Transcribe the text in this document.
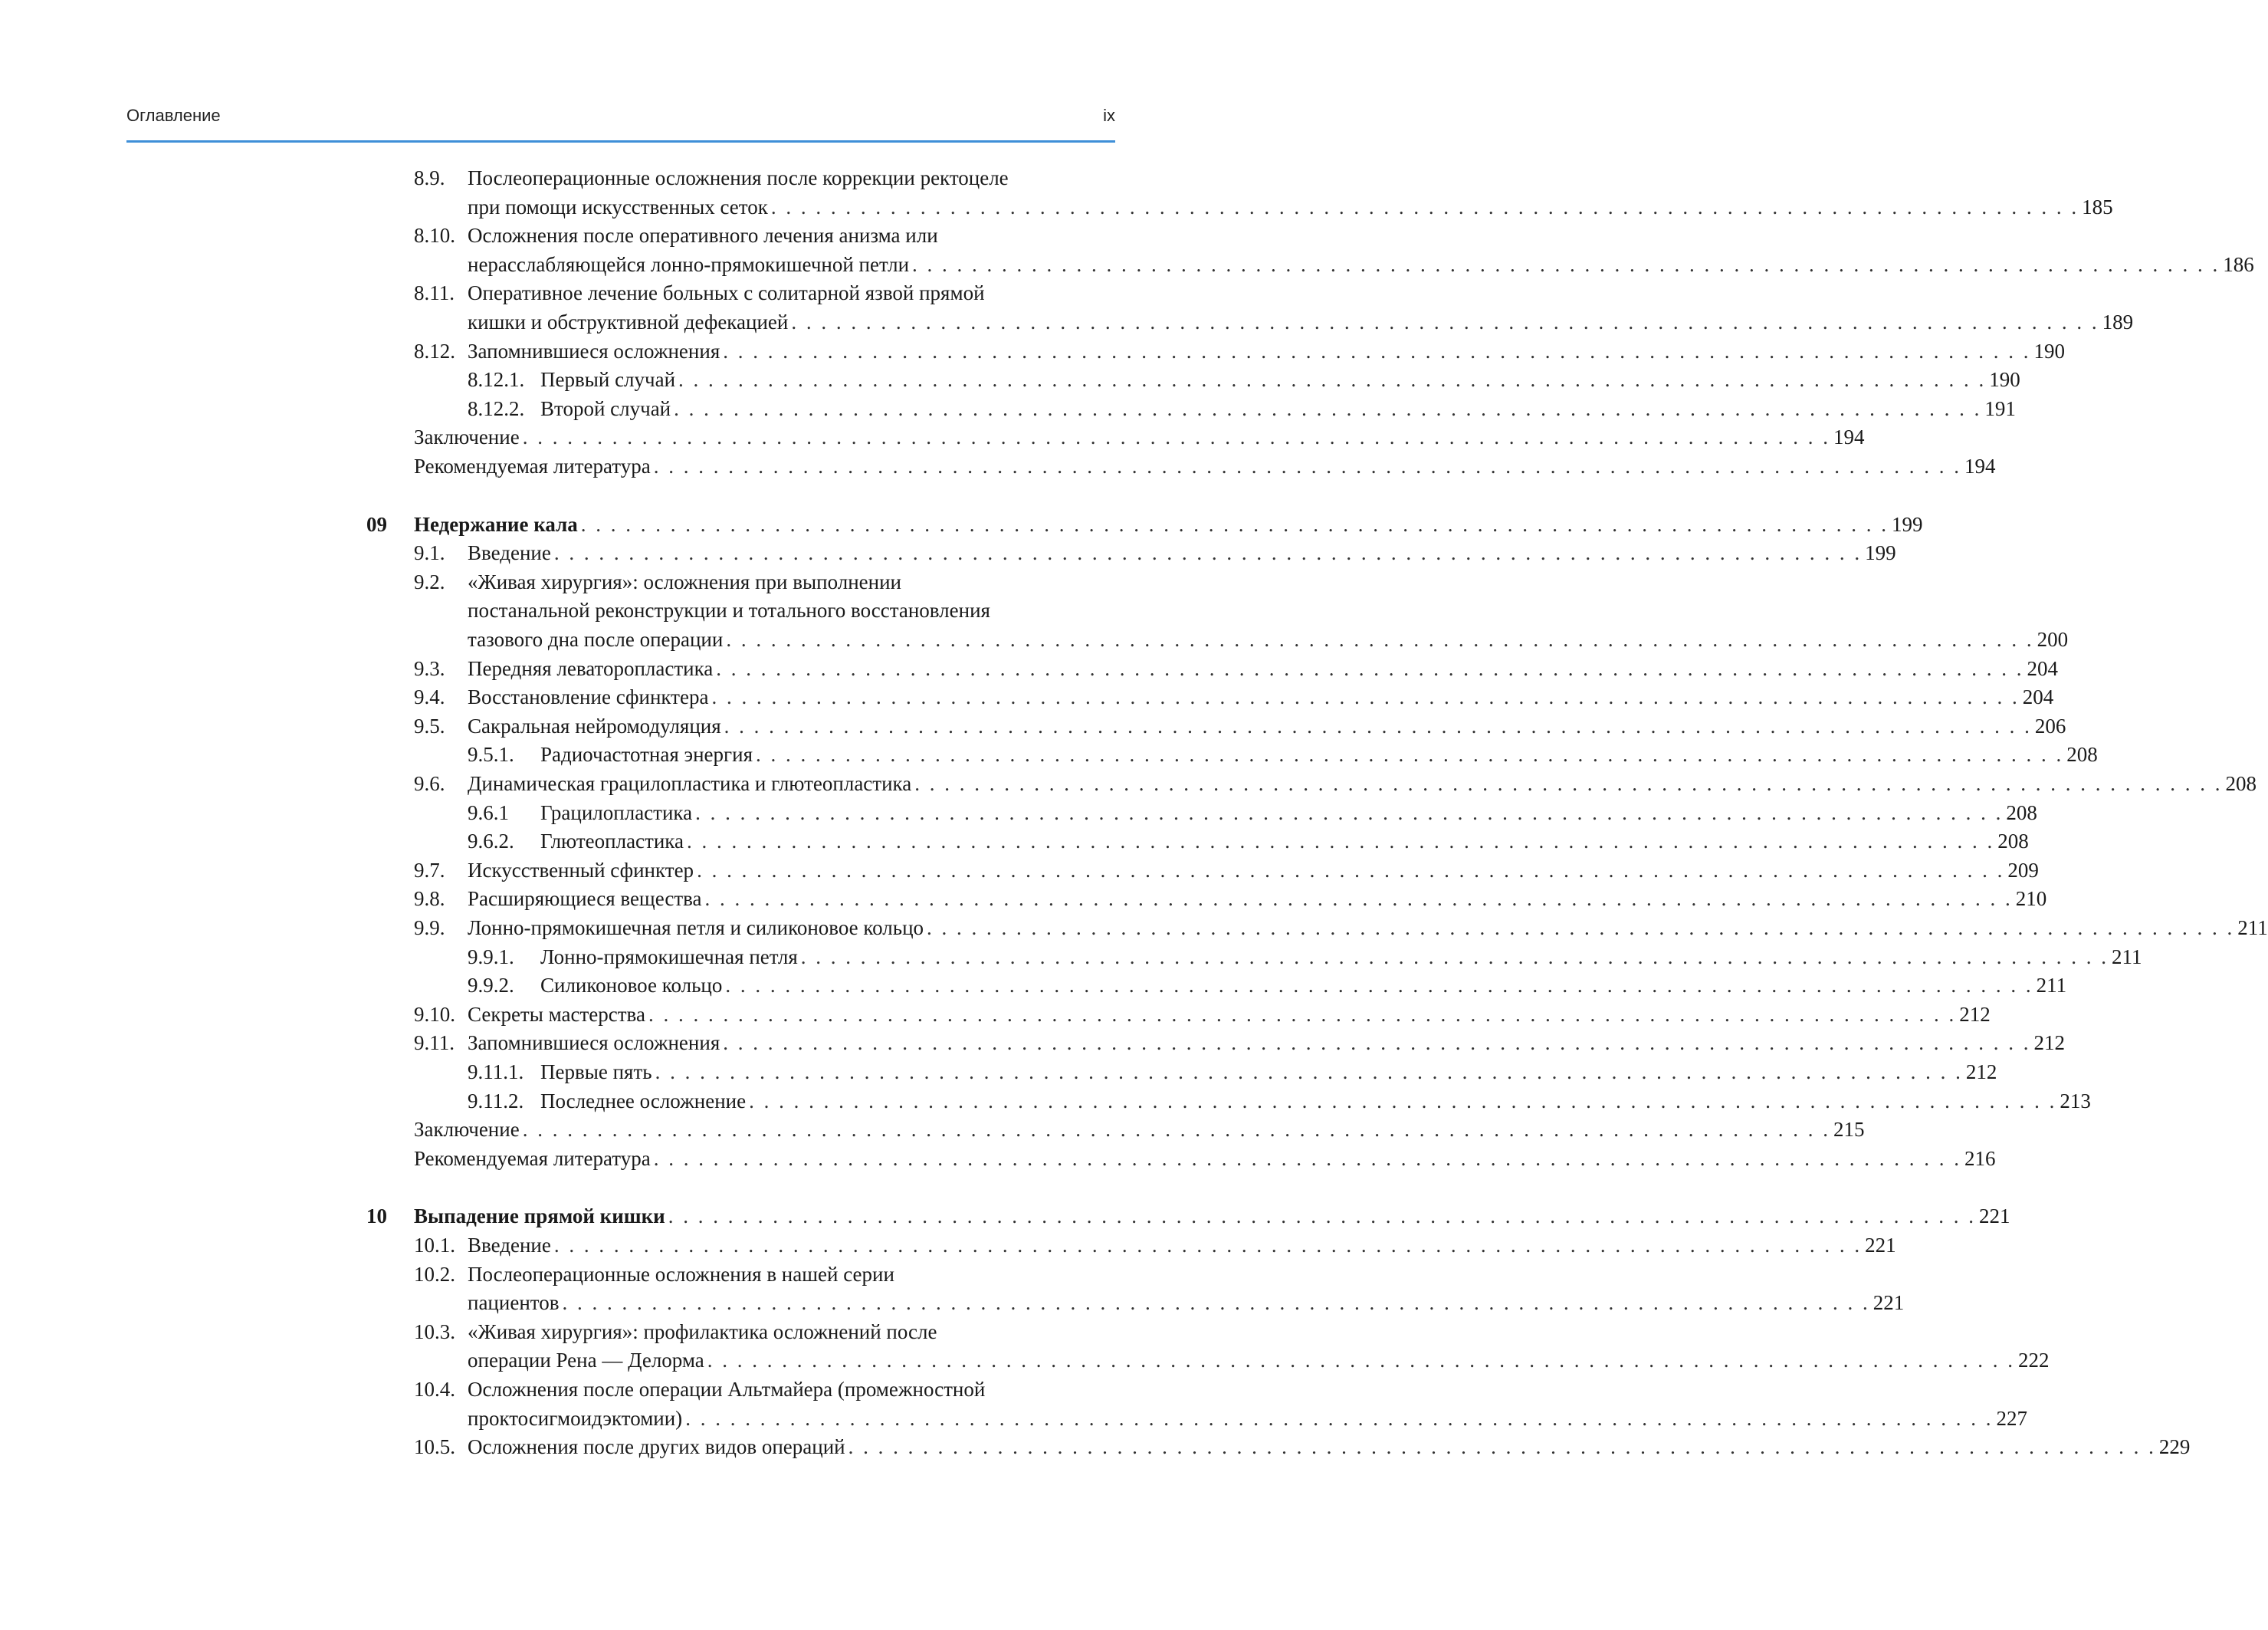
Оглавление	ix
8.9. Послеоперационные осложнения после коррекции ректоцеле
при помощи искусственных сеток . . . . . . . . . . . . . . . . . . . . . . . . . . . . . . . . . . . . . . . . . . . . . . . . . . . . . . . . . . . . . . . . . . . . . . . . . . . . . . . . . . . . . . . . 185
8.10. Осложнения после оперативного лечения анизма или
нерасслабляющейся лонно-прямокишечной петли . . . . . . . . . . . . . . . . . . . . . . . . . . . . . . . . . . . . . . . . . . . . . . . . . . . . . . . . . . . . . . . . . . . . . . . . . . . . . . . . . . . . . . . . 186
8.11. Оперативное лечение больных с солитарной язвой прямой
кишки и обструктивной дефекацией . . . . . . . . . . . . . . . . . . . . . . . . . . . . . . . . . . . . . . . . . . . . . . . . . . . . . . . . . . . . . . . . . . . . . . . . . . . . . . . . . . . . . . . . 189
8.12. Запомнившиеся осложнения . . . . . . . . . . . . . . . . . . . . . . . . . . . . . . . . . . . . . . . . . . . . . . . . . . . . . . . . . . . . . . . . . . . . . . . . . . . . . . . . . . . . . . . . 190
8.12.1. Первый случай . . . . . . . . . . . . . . . . . . . . . . . . . . . . . . . . . . . . . . . . . . . . . . . . . . . . . . . . . . . . . . . . . . . . . . . . . . . . . . . . . . . . . . . . 190
8.12.2. Второй случай . . . . . . . . . . . . . . . . . . . . . . . . . . . . . . . . . . . . . . . . . . . . . . . . . . . . . . . . . . . . . . . . . . . . . . . . . . . . . . . . . . . . . . . . 191
Заключение . . . . . . . . . . . . . . . . . . . . . . . . . . . . . . . . . . . . . . . . . . . . . . . . . . . . . . . . . . . . . . . . . . . . . . . . . . . . . . . . . . . . . . . . 194
Рекомендуемая литература . . . . . . . . . . . . . . . . . . . . . . . . . . . . . . . . . . . . . . . . . . . . . . . . . . . . . . . . . . . . . . . . . . . . . . . . . . . . . . . . . . . . . . . . 194
09 Недержание кала . . . . . . . . . . . . . . . . . . . . . . . . . . . . . . . . . . . . . . . . . . . . . . . . . . . . . . . . . . . . . . . . . . . . . . . . . . . . . . . . . . . . . . . . 199
9.1. Введение . . . . . . . . . . . . . . . . . . . . . . . . . . . . . . . . . . . . . . . . . . . . . . . . . . . . . . . . . . . . . . . . . . . . . . . . . . . . . . . . . . . . . . . . 199
9.2. «Живая хирургия»: осложнения при выполнении
постанальной реконструкции и тотального восстановления
тазового дна после операции . . . . . . . . . . . . . . . . . . . . . . . . . . . . . . . . . . . . . . . . . . . . . . . . . . . . . . . . . . . . . . . . . . . . . . . . . . . . . . . . . . . . . . . . 200
9.3. Передняя леваторопластика . . . . . . . . . . . . . . . . . . . . . . . . . . . . . . . . . . . . . . . . . . . . . . . . . . . . . . . . . . . . . . . . . . . . . . . . . . . . . . . . . . . . . . . . 204
9.4. Восстановление сфинктера . . . . . . . . . . . . . . . . . . . . . . . . . . . . . . . . . . . . . . . . . . . . . . . . . . . . . . . . . . . . . . . . . . . . . . . . . . . . . . . . . . . . . . . . 204
9.5. Сакральная нейромодуляция . . . . . . . . . . . . . . . . . . . . . . . . . . . . . . . . . . . . . . . . . . . . . . . . . . . . . . . . . . . . . . . . . . . . . . . . . . . . . . . . . . . . . . . . 206
9.5.1. Радиочастотная энергия . . . . . . . . . . . . . . . . . . . . . . . . . . . . . . . . . . . . . . . . . . . . . . . . . . . . . . . . . . . . . . . . . . . . . . . . . . . . . . . . . . . . . . . . 208
9.6. Динамическая грацилопластика и глютеопластика . . . . . . . . . . . . . . . . . . . . . . . . . . . . . . . . . . . . . . . . . . . . . . . . . . . . . . . . . . . . . . . . . . . . . . . . . . . . . . . . . . . . . . . . 208
9.6.1 Грацилопластика . . . . . . . . . . . . . . . . . . . . . . . . . . . . . . . . . . . . . . . . . . . . . . . . . . . . . . . . . . . . . . . . . . . . . . . . . . . . . . . . . . . . . . . . 208
9.6.2. Глютеопластика . . . . . . . . . . . . . . . . . . . . . . . . . . . . . . . . . . . . . . . . . . . . . . . . . . . . . . . . . . . . . . . . . . . . . . . . . . . . . . . . . . . . . . . . 208
9.7. Искусственный сфинктер . . . . . . . . . . . . . . . . . . . . . . . . . . . . . . . . . . . . . . . . . . . . . . . . . . . . . . . . . . . . . . . . . . . . . . . . . . . . . . . . . . . . . . . . 209
9.8. Расширяющиеся вещества . . . . . . . . . . . . . . . . . . . . . . . . . . . . . . . . . . . . . . . . . . . . . . . . . . . . . . . . . . . . . . . . . . . . . . . . . . . . . . . . . . . . . . . . 210
9.9. Лонно-прямокишечная петля и силиконовое кольцо . . . . . . . . . . . . . . . . . . . . . . . . . . . . . . . . . . . . . . . . . . . . . . . . . . . . . . . . . . . . . . . . . . . . . . . . . . . . . . . . . . . . . . . . 211
9.9.1. Лонно-прямокишечная петля . . . . . . . . . . . . . . . . . . . . . . . . . . . . . . . . . . . . . . . . . . . . . . . . . . . . . . . . . . . . . . . . . . . . . . . . . . . . . . . . . . . . . . . . 211
9.9.2. Силиконовое кольцо . . . . . . . . . . . . . . . . . . . . . . . . . . . . . . . . . . . . . . . . . . . . . . . . . . . . . . . . . . . . . . . . . . . . . . . . . . . . . . . . . . . . . . . . 211
9.10. Секреты мастерства . . . . . . . . . . . . . . . . . . . . . . . . . . . . . . . . . . . . . . . . . . . . . . . . . . . . . . . . . . . . . . . . . . . . . . . . . . . . . . . . . . . . . . . . 212
9.11. Запомнившиеся осложнения . . . . . . . . . . . . . . . . . . . . . . . . . . . . . . . . . . . . . . . . . . . . . . . . . . . . . . . . . . . . . . . . . . . . . . . . . . . . . . . . . . . . . . . . 212
9.11.1. Первые пять . . . . . . . . . . . . . . . . . . . . . . . . . . . . . . . . . . . . . . . . . . . . . . . . . . . . . . . . . . . . . . . . . . . . . . . . . . . . . . . . . . . . . . . . 212
9.11.2. Последнее осложнение . . . . . . . . . . . . . . . . . . . . . . . . . . . . . . . . . . . . . . . . . . . . . . . . . . . . . . . . . . . . . . . . . . . . . . . . . . . . . . . . . . . . . . . . 213
Заключение . . . . . . . . . . . . . . . . . . . . . . . . . . . . . . . . . . . . . . . . . . . . . . . . . . . . . . . . . . . . . . . . . . . . . . . . . . . . . . . . . . . . . . . . 215
Рекомендуемая литература . . . . . . . . . . . . . . . . . . . . . . . . . . . . . . . . . . . . . . . . . . . . . . . . . . . . . . . . . . . . . . . . . . . . . . . . . . . . . . . . . . . . . . . . 216
10 Выпадение прямой кишки . . . . . . . . . . . . . . . . . . . . . . . . . . . . . . . . . . . . . . . . . . . . . . . . . . . . . . . . . . . . . . . . . . . . . . . . . . . . . . . . . . . . . . . . 221
10.1. Введение . . . . . . . . . . . . . . . . . . . . . . . . . . . . . . . . . . . . . . . . . . . . . . . . . . . . . . . . . . . . . . . . . . . . . . . . . . . . . . . . . . . . . . . . 221
10.2. Послеоперационные осложнения в нашей серии
пациентов . . . . . . . . . . . . . . . . . . . . . . . . . . . . . . . . . . . . . . . . . . . . . . . . . . . . . . . . . . . . . . . . . . . . . . . . . . . . . . . . . . . . . . . . 221
10.3. «Живая хирургия»: профилактика осложнений после
операции Рена — Делорма . . . . . . . . . . . . . . . . . . . . . . . . . . . . . . . . . . . . . . . . . . . . . . . . . . . . . . . . . . . . . . . . . . . . . . . . . . . . . . . . . . . . . . . . 222
10.4. Осложнения после операции Альтмайера (промежностной
проктосигмоидэктомии) . . . . . . . . . . . . . . . . . . . . . . . . . . . . . . . . . . . . . . . . . . . . . . . . . . . . . . . . . . . . . . . . . . . . . . . . . . . . . . . . . . . . . . . . 227
10.5. Осложнения после других видов операций . . . . . . . . . . . . . . . . . . . . . . . . . . . . . . . . . . . . . . . . . . . . . . . . . . . . . . . . . . . . . . . . . . . . . . . . . . . . . . . . . . . . . . . . 229
